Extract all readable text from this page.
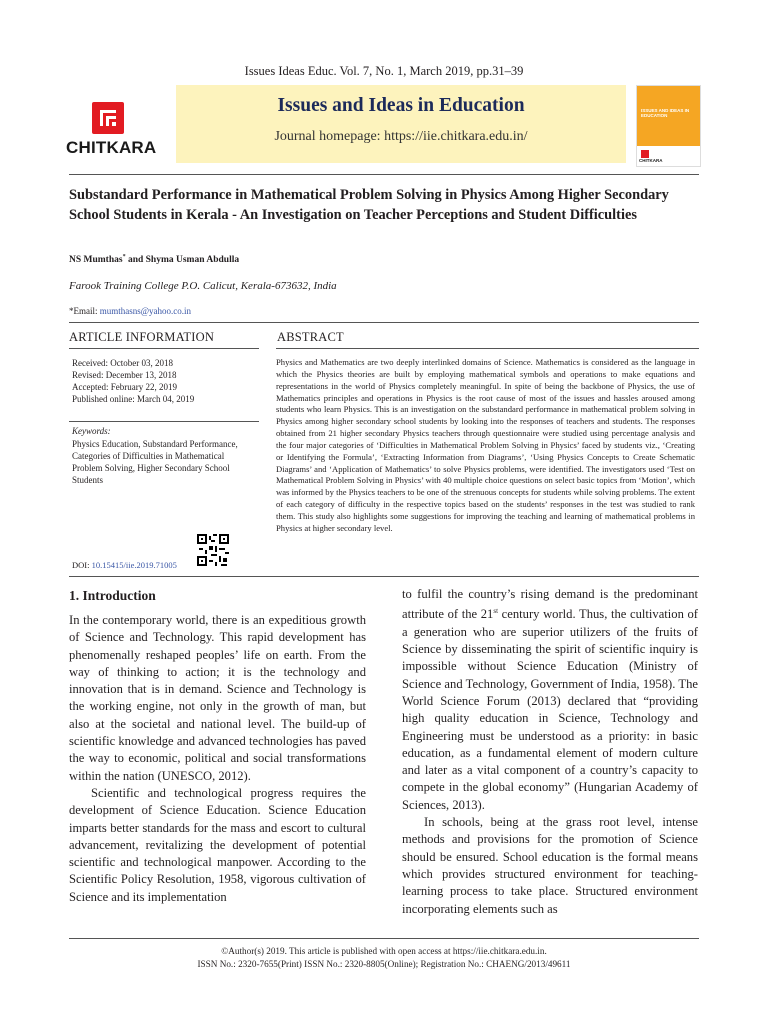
Issues Ideas Educ. Vol. 7, No. 1, March 2019, pp.31–39
CHITKARA
Issues and Ideas in Education
Journal homepage: https://iie.chitkara.edu.in/
ISSUES AND IDEAS IN EDUCATION
CHITKARA
Substandard Performance in Mathematical Problem Solving in Physics Among Higher Secondary School Students in Kerala - An Investigation on Teacher Perceptions and Student Difficulties
NS Mumthas* and Shyma Usman Abdulla
Farook Training College P.O. Calicut, Kerala-673632, India
*Email: mumthasns@yahoo.co.in
ARTICLE INFORMATION	ABSTRACT
Received: October 03, 2018
Revised: December 13, 2018
Accepted: February 22, 2019
Published online: March 04, 2019
Keywords:
Physics Education, Substandard Performance, Categories of Difficulties in Mathematical Problem Solving, Higher Secondary School Students
DOI: 10.15415/iie.2019.71005
Physics and Mathematics are two deeply interlinked domains of Science. Mathematics is considered as the language in which the Physics theories are built by employing mathematical symbols and operations to make equations and representations in the world of Physics completely meaningful. In spite of being the backbone of Physics, the use of Mathematics principles and operations in Physics is the root cause of most of the issues and hassles aroused among students who learn Physics. This is an investigation on the substandard performance in mathematical problem solving in Physics among higher secondary school students by looking into the responses of teachers and students. The responses obtained from 21 higher secondary Physics teachers through questionnaire were studied using percentage analysis and the four major categories of ‘Difficulties in Mathematical Problem Solving in Physics’ faced by students viz., ‘Creating or Identifying the Formula’, ‘Extracting Information from Diagrams’, ‘Using Physics Concepts to Create Schematic Diagrams’ and ‘Application of Mathematics’ to solve Physics problems, were identified. The investigators used ‘Test on Mathematical Problem Solving in Physics’ with 40 multiple choice questions on select basic topics from ‘Motion’, which was informed by the Physics teachers to be one of the strenuous concepts for students while solving problems. The extent of each category of difficulty in the respective topics based on the students’ responses in the test was studied to rank them. This study also highlights some suggestions for improving the teaching and learning of mathematical problems in Physics at higher secondary level.
1. Introduction

In the contemporary world, there is an expeditious growth of Science and Technology. This rapid development has phenomenally reshaped peoples’ life on earth. From the way of thinking to action; it is the technology and innovation that is in demand. Science and Technology is the working engine, not only in the growth of man, but also at the societal and national level. The build-up of scientific knowledge and advanced technologies has paved the way to economic, political and social transformations within the nation (UNESCO, 2012).

Scientific and technological progress requires the development of Science Education. Science Education imparts better standards for the mass and escort to cultural advancement, revitalizing the development of potential scientific and technological manpower. According to the Scientific Policy Resolution, 1958, vigorous cultivation of Science and its implementation

to fulfil the country’s rising demand is the predominant attribute of the 21st century world. Thus, the cultivation of a generation who are superior utilizers of the fruits of Science by disseminating the spirit of scientific inquiry is impossible without Science Education (Ministry of Science and Technology, Government of India, 1958). The World Science Forum (2013) declared that “providing high quality education in Science, Technology and Engineering must be understood as a priority: in basic education, as a fundamental element of modern culture and later as a vital component of a country’s capacity to compete in the global economy” (Hungarian Academy of Sciences, 2013).

In schools, being at the grass root level, intense methods and provisions for the promotion of Science should be ensured. School education is the formal means which provides structured environment for teaching-learning process to take place. Structured environment incorporating elements such as

©Author(s) 2019. This article is published with open access at https://iie.chitkara.edu.in.
ISSN No.: 2320-7655(Print) ISSN No.: 2320-8805(Online); Registration No.: CHAENG/2013/49611
